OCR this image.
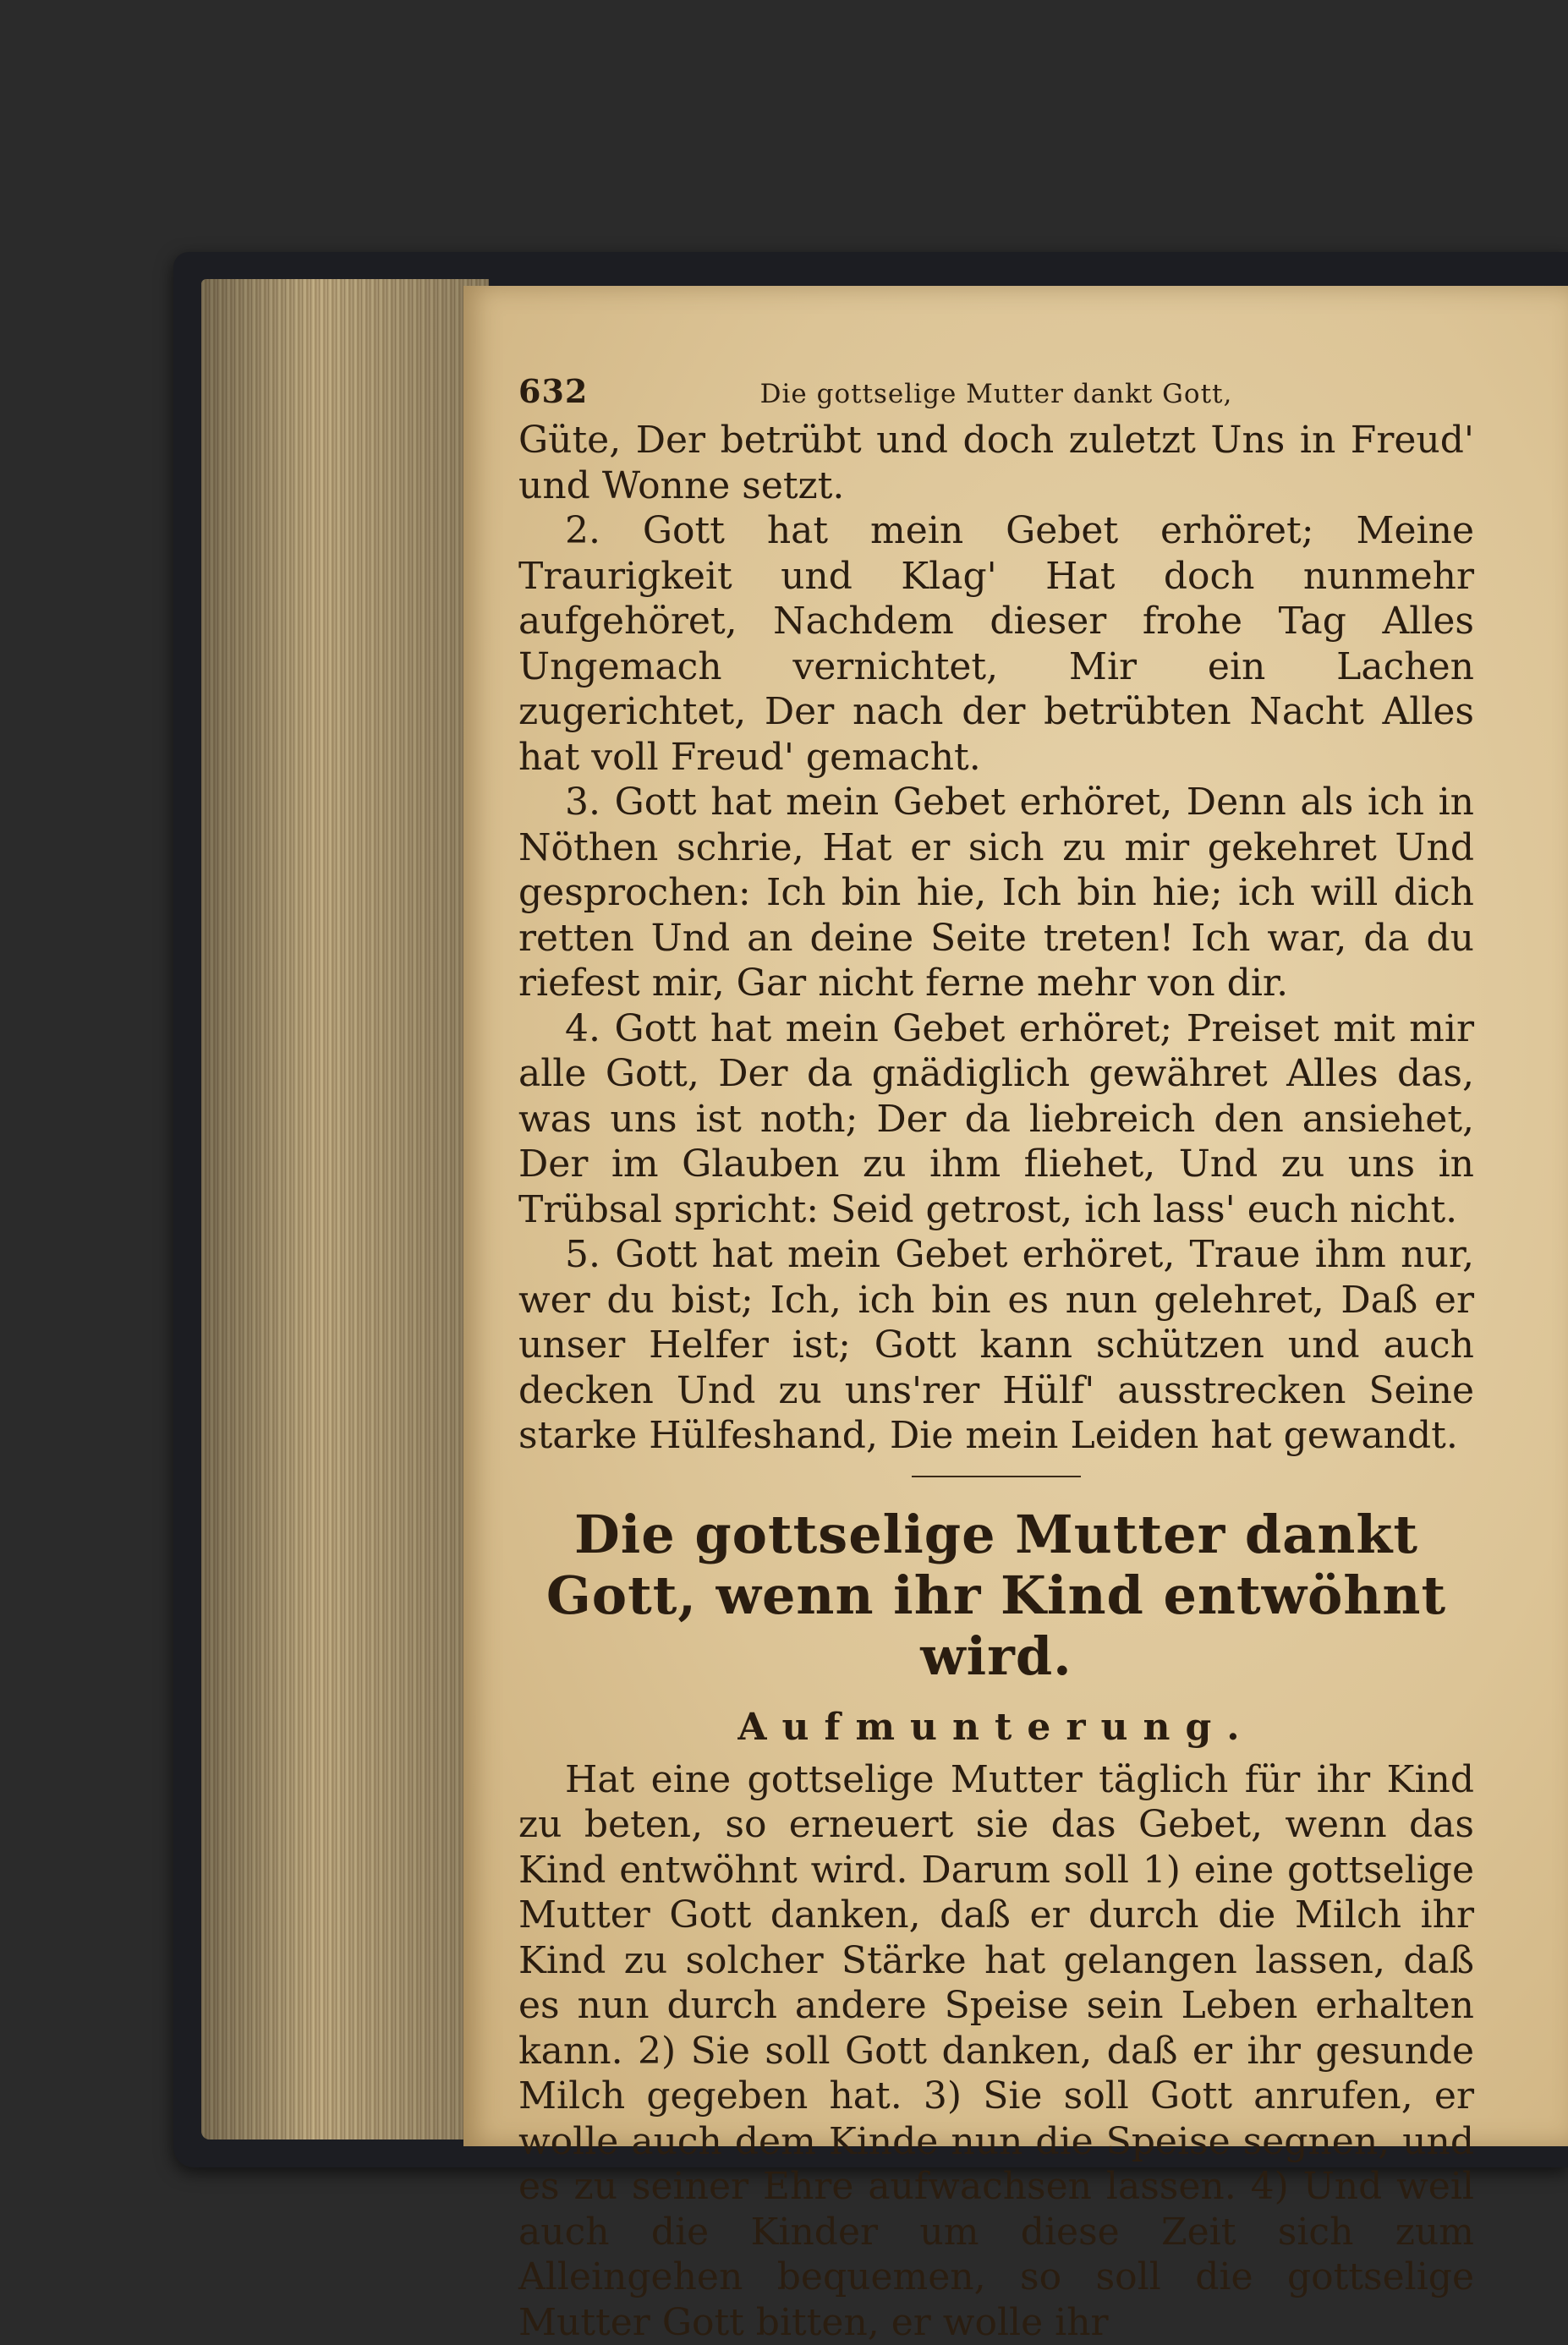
632	Die gottselige Mutter dankt Gott,

Güte, Der betrübt und doch zuletzt Uns in Freud' und Wonne setzt.

2. Gott hat mein Gebet erhöret; Meine Traurigkeit und Klag' Hat doch nunmehr aufgehöret, Nachdem dieser frohe Tag Alles Ungemach vernichtet, Mir ein Lachen zugerichtet, Der nach der betrübten Nacht Alles hat voll Freud' gemacht.

3. Gott hat mein Gebet erhöret, Denn als ich in Nöthen schrie, Hat er sich zu mir gekehret Und gesprochen: Ich bin hie, Ich bin hie; ich will dich retten Und an deine Seite treten! Ich war, da du riefest mir, Gar nicht ferne mehr von dir.

4. Gott hat mein Gebet erhöret; Preiset mit mir alle Gott, Der da gnädiglich gewähret Alles das, was uns ist noth; Der da liebreich den ansiehet, Der im Glauben zu ihm fliehet, Und zu uns in Trübsal spricht: Seid getrost, ich lass' euch nicht.

5. Gott hat mein Gebet erhöret, Traue ihm nur, wer du bist; Ich, ich bin es nun gelehret, Daß er unser Helfer ist; Gott kann schützen und auch decken Und zu uns'rer Hülf' ausstrecken Seine starke Hülfeshand, Die mein Leiden hat gewandt.

Die gottselige Mutter dankt Gott, wenn ihr Kind entwöhnt wird.
Aufmunterung.

Hat eine gottselige Mutter täglich für ihr Kind zu beten, so erneuert sie das Gebet, wenn das Kind entwöhnt wird. Darum soll 1) eine gottselige Mutter Gott danken, daß er durch die Milch ihr Kind zu solcher Stärke hat gelangen lassen, daß es nun durch andere Speise sein Leben erhalten kann. 2) Sie soll Gott danken, daß er ihr gesunde Milch gegeben hat. 3) Sie soll Gott anrufen, er wolle auch dem Kinde nun die Speise segnen, und es zu seiner Ehre aufwachsen lassen. 4) Und weil auch die Kinder um diese Zeit sich zum Alleingehen bequemen, so soll die gottselige Mutter Gott bitten, er wolle ihr
